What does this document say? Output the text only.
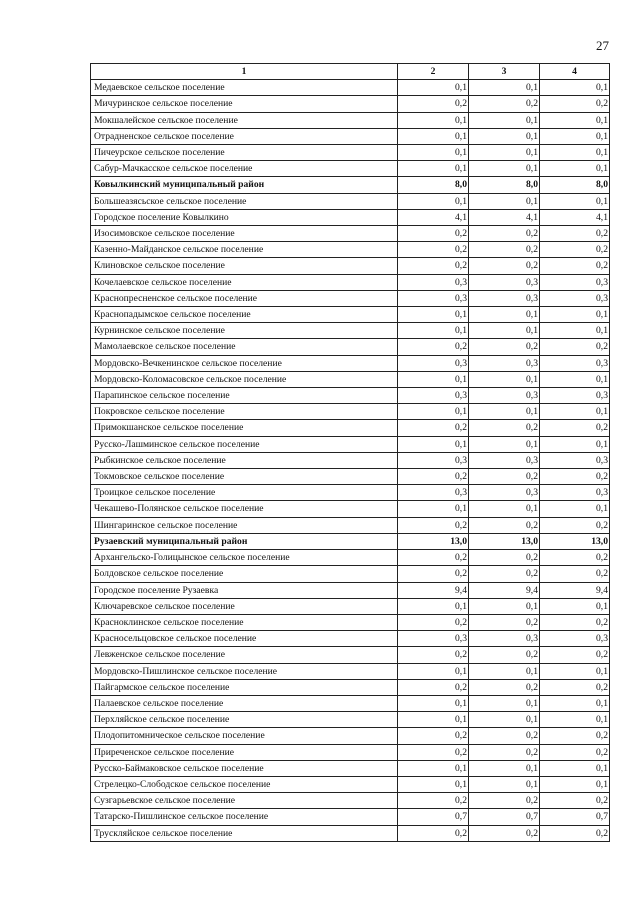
27
1	2	3	4
Медаевское сельское поселение	0,1	0,1	0,1
Мичуринское сельское поселение	0,2	0,2	0,2
Мокшалейское сельское поселение	0,1	0,1	0,1
Отрадненское сельское поселение	0,1	0,1	0,1
Пичеурское сельское поселение	0,1	0,1	0,1
Сабур-Мачкасское сельское поселение	0,1	0,1	0,1
Ковылкинский муниципальный район	8,0	8,0	8,0
Большеазясьское сельское поселение	0,1	0,1	0,1
Городское поселение Ковылкино	4,1	4,1	4,1
Изосимовское сельское поселение	0,2	0,2	0,2
Казенно-Майданское сельское поселение	0,2	0,2	0,2
Клиновское сельское поселение	0,2	0,2	0,2
Кочелаевское сельское поселение	0,3	0,3	0,3
Краснопресненское сельское поселение	0,3	0,3	0,3
Краснопадымское сельское поселение	0,1	0,1	0,1
Курнинское сельское поселение	0,1	0,1	0,1
Мамолаевское сельское поселение	0,2	0,2	0,2
Мордовско-Вечкенинское сельское поселение	0,3	0,3	0,3
Мордовско-Коломасовское сельское поселение	0,1	0,1	0,1
Парапинское сельское поселение	0,3	0,3	0,3
Покровское сельское поселение	0,1	0,1	0,1
Примокшанское сельское поселение	0,2	0,2	0,2
Русско-Лашминское сельское поселение	0,1	0,1	0,1
Рыбкинское сельское поселение	0,3	0,3	0,3
Токмовское сельское поселение	0,2	0,2	0,2
Троицкое сельское поселение	0,3	0,3	0,3
Чекашево-Полянское сельское поселение	0,1	0,1	0,1
Шингаринское сельское поселение	0,2	0,2	0,2
Рузаевский муниципальный район	13,0	13,0	13,0
Архангельско-Голицынское сельское поселение	0,2	0,2	0,2
Болдовское сельское поселение	0,2	0,2	0,2
Городское поселение Рузаевка	9,4	9,4	9,4
Ключаревское сельское поселение	0,1	0,1	0,1
Красноклинское сельское поселение	0,2	0,2	0,2
Красносельцовское сельское поселение	0,3	0,3	0,3
Левженское сельское поселение	0,2	0,2	0,2
Мордовско-Пишлинское сельское поселение	0,1	0,1	0,1
Пайгармское сельское поселение	0,2	0,2	0,2
Палаевское сельское поселение	0,1	0,1	0,1
Перхляйское сельское поселение	0,1	0,1	0,1
Плодопитомническое сельское поселение	0,2	0,2	0,2
Приреченское сельское поселение	0,2	0,2	0,2
Русско-Баймаковское сельское поселение	0,1	0,1	0,1
Стрелецко-Слободское сельское поселение	0,1	0,1	0,1
Сузгарьевское сельское поселение	0,2	0,2	0,2
Татарско-Пишлинское сельское поселение	0,7	0,7	0,7
Трускляйское сельское поселение	0,2	0,2	0,2
